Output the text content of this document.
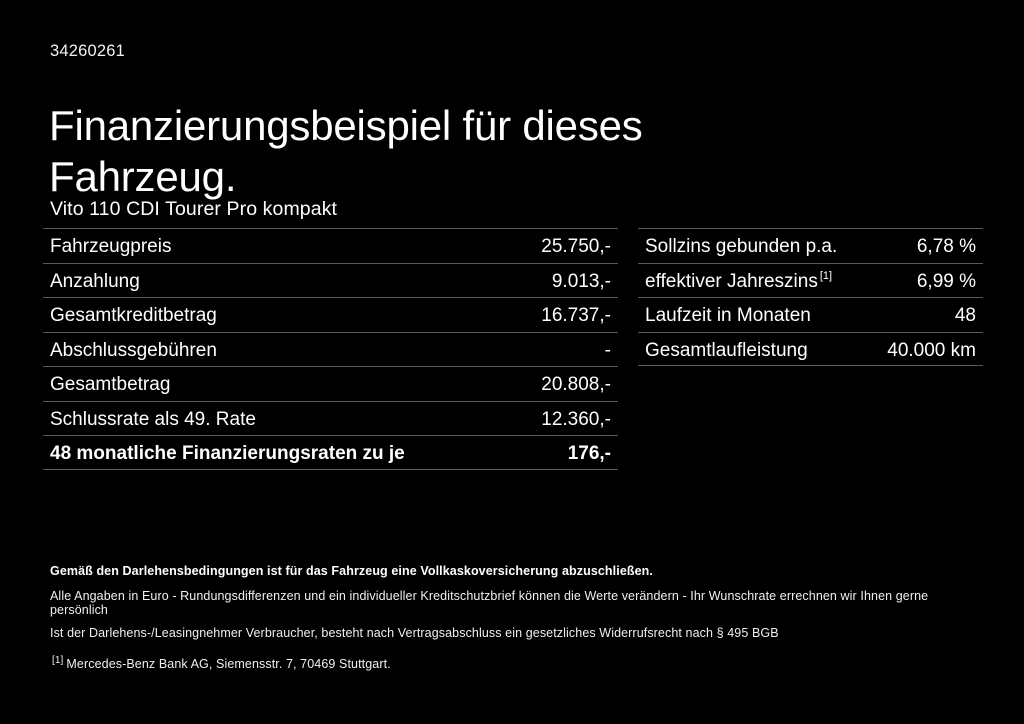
34260261
Finanzierungsbeispiel für dieses
Fahrzeug.
Vito 110 CDI Tourer Pro kompakt
Fahrzeugpreis	25.750,-
Anzahlung	9.013,-
Gesamtkreditbetrag	16.737,-
Abschlussgebühren	-
Gesamtbetrag	20.808,-
Schlussrate als 49. Rate	12.360,-
48 monatliche Finanzierungsraten zu je	176,-
Sollzins gebunden p.a.	6,78 %
effektiver Jahreszins [1]	6,99 %
Laufzeit in Monaten	48
Gesamtlaufleistung	40.000 km
Gemäß den Darlehensbedingungen ist für das Fahrzeug eine Vollkaskoversicherung abzuschließen.
Alle Angaben in Euro - Rundungsdifferenzen und ein individueller Kreditschutzbrief können die Werte verändern - Ihr Wunschrate errechnen wir Ihnen gerne persönlich
Ist der Darlehens-/Leasingnehmer Verbraucher, besteht nach Vertragsabschluss ein gesetzliches Widerrufsrecht nach § 495 BGB
[1] Mercedes-Benz Bank AG, Siemensstr. 7, 70469 Stuttgart.
